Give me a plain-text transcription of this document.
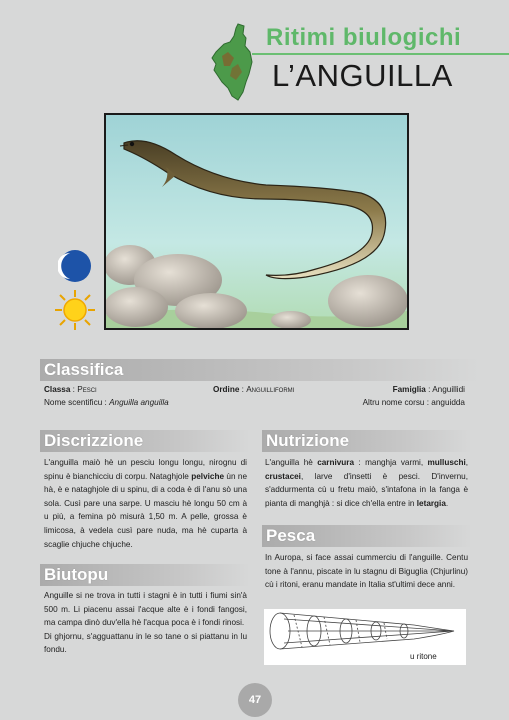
Ritimi biulogichi
L’ANGUILLA
Classifica
Classa : Pesci	Ordine : Anguilliformi	Famiglia : Anguillidi
Nome scentificu : Anguilla anguilla	Altru nome corsu : anguidda
Discrizzione
L'anguilla maiò hè un pesciu longu longu, nirognu di spinu è bianchicciu di corpu. Nataghjole pelviche ùn ne hà, è e nataghjole di u spinu, di a coda è di l'anu sò una sola. Cusì pare una sarpe. U masciu hè longu 50 cm à u più, a femina pò misurà 1,50 m. A pelle, grossa è limicosa, à vedela cusì pare nuda, ma hè cuparta à scaglie chjuche chjuche.
Biutopu
Anguille si ne trova in tutti i stagni è in tutti i fiumi sin'à 500 m. Li piacenu assai l'acque alte è i fondi fangosi, ma campa dinò duv'ella hè l'acqua poca è i fondi rinosi.
Di ghjornu, s'agguattanu in le so tane o si piattanu in lu fondu.
Nutrizione
L'anguilla hè carnivura : manghja varmi, mulluschi, crustacei, larve d'insetti è pesci. D'invernu, s'addurmenta cù u fretu maiò, s'intafona in la fanga è pianta di manghjà : si dice ch'ella entre in letargia.
Pesca
In Auropa, si face assai cummerciu di l'anguille. Centu tone à l'annu, piscate in lu stagnu di Biguglia (Chjurlinu) cù i ritoni, eranu mandate in Italia st'ultimi dece anni.
u ritone
47
